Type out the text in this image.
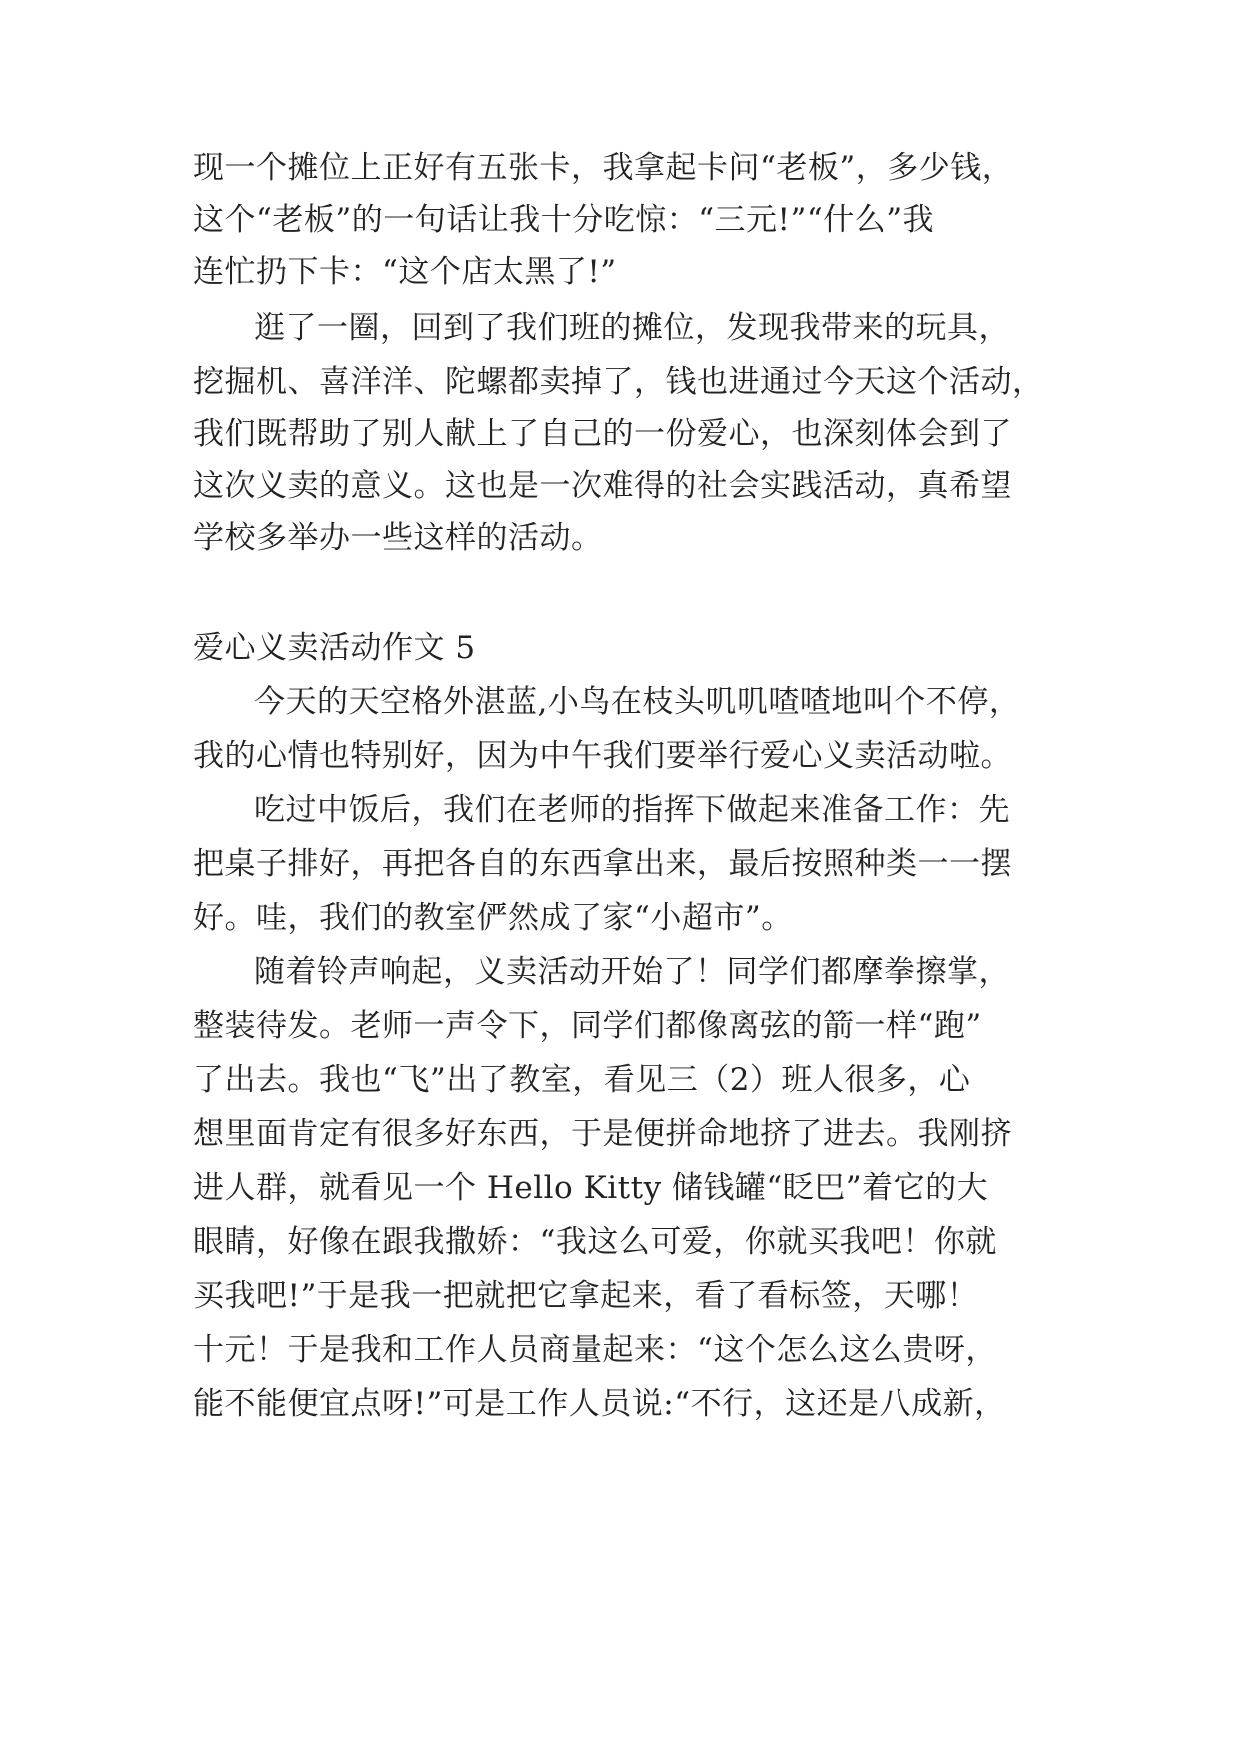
现一个摊位上正好有五张卡，我拿起卡问“老板”，多少钱，
这个“老板”的一句话让我十分吃惊：“三元!”“什么”我
连忙扔下卡：“这个店太黑了!”
逛了一圈，回到了我们班的摊位，发现我带来的玩具，
挖掘机、喜洋洋、陀螺都卖掉了，钱也进通过今天这个活动，
我们既帮助了别人献上了自己的一份爱心，也深刻体会到了
这次义卖的意义。这也是一次难得的社会实践活动，真希望
学校多举办一些这样的活动。
爱心义卖活动作文 5
今天的天空格外湛蓝,小鸟在枝头叽叽喳喳地叫个不停，
我的心情也特别好，因为中午我们要举行爱心义卖活动啦。
吃过中饭后，我们在老师的指挥下做起来准备工作：先
把桌子排好，再把各自的东西拿出来，最后按照种类一一摆
好。哇，我们的教室俨然成了家“小超市”。
随着铃声响起，义卖活动开始了！同学们都摩拳擦掌，
整装待发。老师一声令下，同学们都像离弦的箭一样“跑”
了出去。我也“飞”出了教室，看见三（2）班人很多，心
想里面肯定有很多好东西，于是便拼命地挤了进去。我刚挤
进人群，就看见一个 Hello Kitty 储钱罐“眨巴”着它的大
眼睛，好像在跟我撒娇：“我这么可爱，你就买我吧！你就
买我吧!”于是我一把就把它拿起来，看了看标签，天哪！
十元！于是我和工作人员商量起来：“这个怎么这么贵呀，
能不能便宜点呀!”可是工作人员说:“不行，这还是八成新，
